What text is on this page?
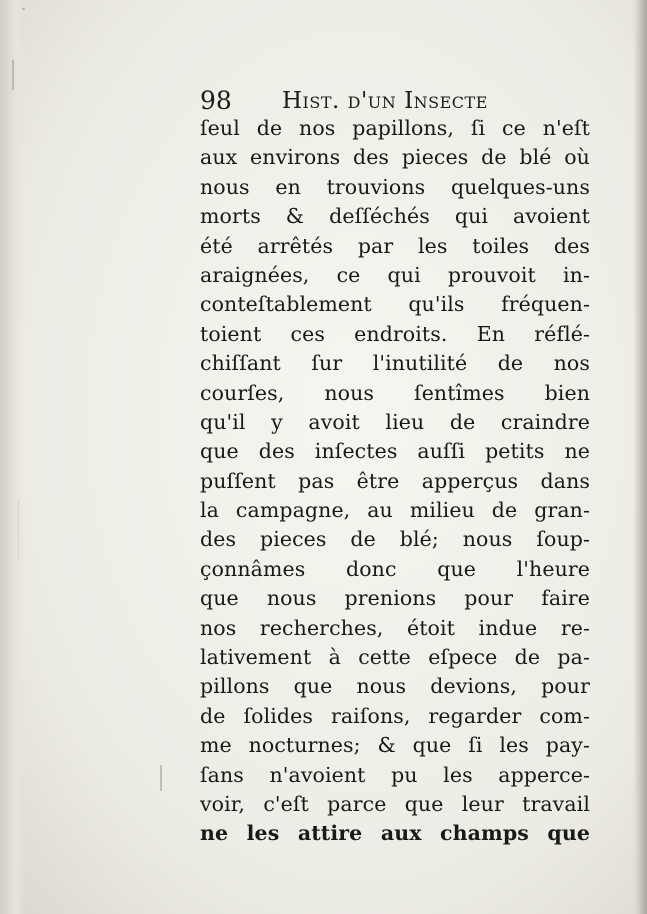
98 Hist. d'un Insecte
ſeul de nos papillons, ſi ce n'eſt
aux environs des pieces de blé où
nous en trouvions quelques-uns
morts & deſſéchés qui avoient
été arrêtés par les toiles des
araignées, ce qui prouvoit in-
conteſtablement qu'ils fréquen-
toient ces endroits. En réflé-
chiſſant ſur l'inutilité de nos
courſes, nous ſentîmes bien
qu'il y avoit lieu de craindre
que des inſectes auſſi petits ne
puſſent pas être apperçus dans
la campagne, au milieu de gran-
des pieces de blé; nous ſoup-
çonnâmes donc que l'heure
que nous prenions pour faire
nos recherches, étoit indue re-
lativement à cette eſpece de pa-
pillons que nous devions, pour
de ſolides raiſons, regarder com-
me nocturnes; & que ſi les pay-
ſans n'avoient pu les apperce-
voir, c'eſt parce que leur travail
ne les attire aux champs que
